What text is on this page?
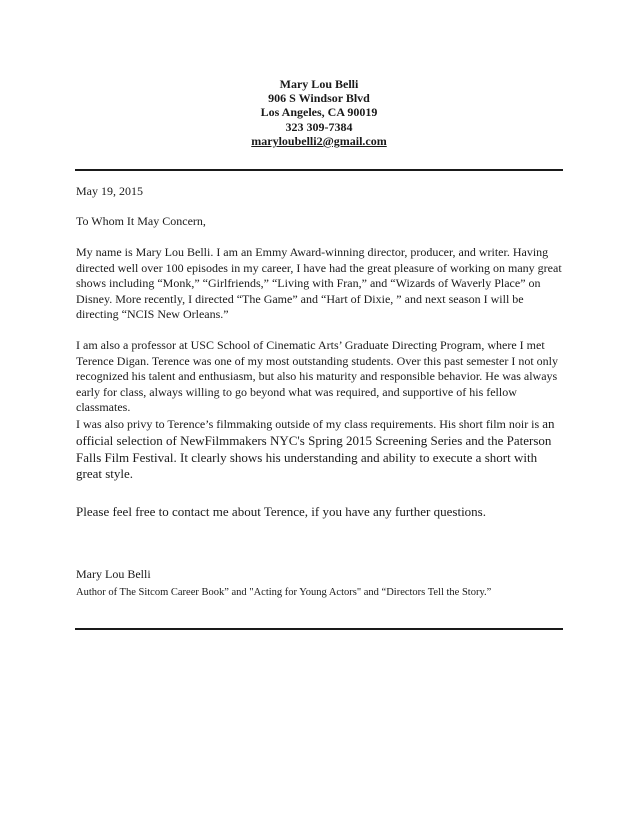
Mary Lou Belli
906 S Windsor Blvd
Los Angeles, CA 90019
323 309-7384
maryloubelli2@gmail.com
May 19, 2015
To Whom It May Concern,
My name is Mary Lou Belli. I am an Emmy Award-winning director, producer, and writer. Having directed well over 100 episodes in my career, I have had the great pleasure of working on many great shows including “Monk,” “Girlfriends,” “Living with Fran,” and “Wizards of Waverly Place” on Disney. More recently, I directed “The Game” and “Hart of Dixie, ” and next season I will be directing “NCIS New Orleans.”
I am also a professor at USC School of Cinematic Arts’ Graduate Directing Program, where I met Terence Digan. Terence was one of my most outstanding students. Over this past semester I not only recognized his talent and enthusiasm, but also his maturity and responsible behavior. He was always early for class, always willing to go beyond what was required, and supportive of his fellow classmates.
I was also privy to Terence’s filmmaking outside of my class requirements. His short film noir is an official selection of NewFilmmakers NYC's Spring 2015 Screening Series and the Paterson Falls Film Festival. It clearly shows his understanding and ability to execute a short with great style.
Please feel free to contact me about Terence, if you have any further questions.
Mary Lou Belli
Author of The Sitcom Career Book” and "Acting for Young Actors" and “Directors Tell the Story.”
